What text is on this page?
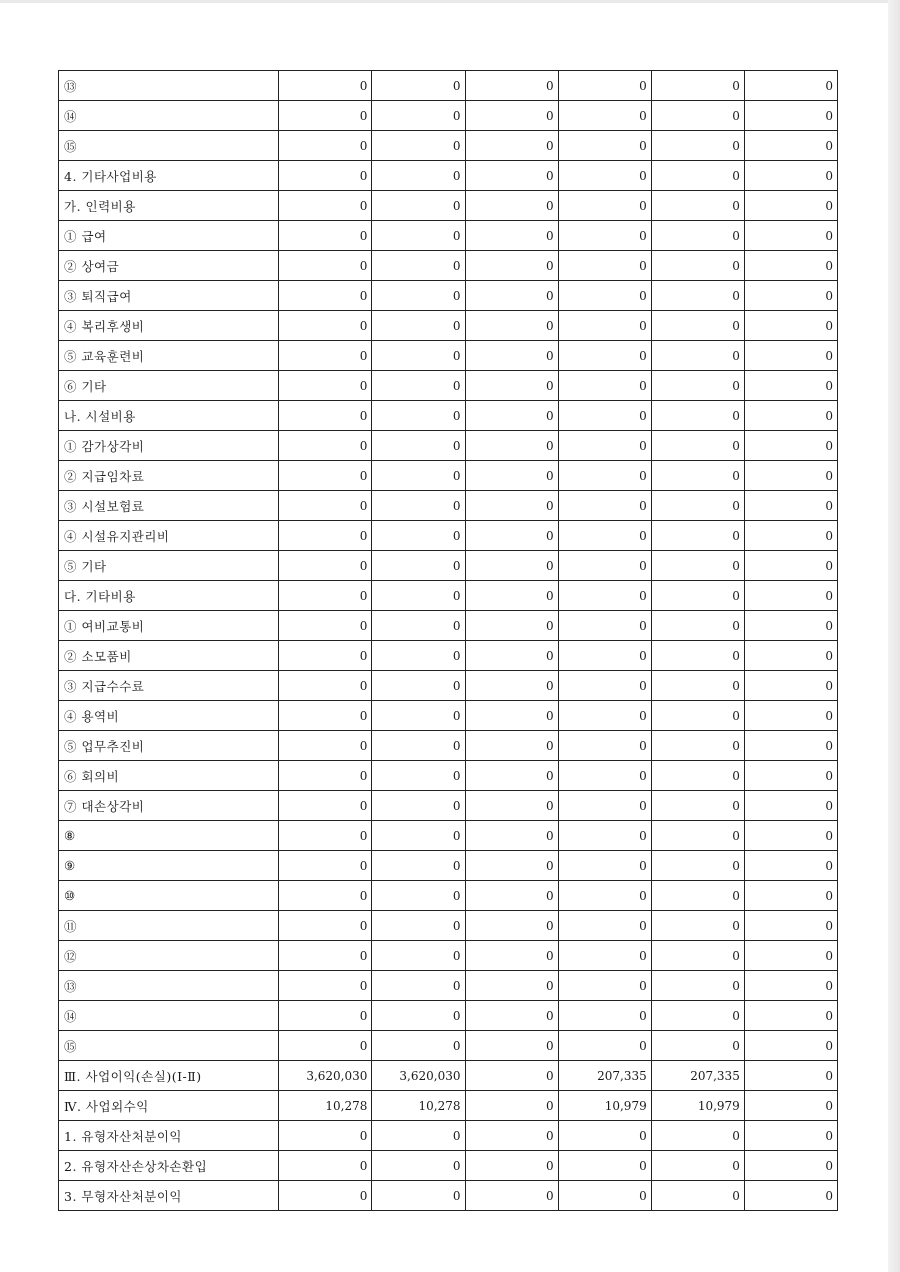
⑬	0	0	0	0	0	0
⑭	0	0	0	0	0	0
⑮	0	0	0	0	0	0
4. 기타사업비용	0	0	0	0	0	0
가. 인력비용	0	0	0	0	0	0
① 급여	0	0	0	0	0	0
② 상여금	0	0	0	0	0	0
③ 퇴직급여	0	0	0	0	0	0
④ 복리후생비	0	0	0	0	0	0
⑤ 교육훈련비	0	0	0	0	0	0
⑥ 기타	0	0	0	0	0	0
나. 시설비용	0	0	0	0	0	0
① 감가상각비	0	0	0	0	0	0
② 지급임차료	0	0	0	0	0	0
③ 시설보험료	0	0	0	0	0	0
④ 시설유지관리비	0	0	0	0	0	0
⑤ 기타	0	0	0	0	0	0
다. 기타비용	0	0	0	0	0	0
① 여비교통비	0	0	0	0	0	0
② 소모품비	0	0	0	0	0	0
③ 지급수수료	0	0	0	0	0	0
④ 용역비	0	0	0	0	0	0
⑤ 업무추진비	0	0	0	0	0	0
⑥ 회의비	0	0	0	0	0	0
⑦ 대손상각비	0	0	0	0	0	0
⑧	0	0	0	0	0	0
⑨	0	0	0	0	0	0
⑩	0	0	0	0	0	0
⑪	0	0	0	0	0	0
⑫	0	0	0	0	0	0
⑬	0	0	0	0	0	0
⑭	0	0	0	0	0	0
⑮	0	0	0	0	0	0
Ⅲ. 사업이익(손실)(Ⅰ-Ⅱ)	3,620,030	3,620,030	0	207,335	207,335	0
Ⅳ. 사업외수익	10,278	10,278	0	10,979	10,979	0
1. 유형자산처분이익	0	0	0	0	0	0
2. 유형자산손상차손환입	0	0	0	0	0	0
3. 무형자산처분이익	0	0	0	0	0	0
